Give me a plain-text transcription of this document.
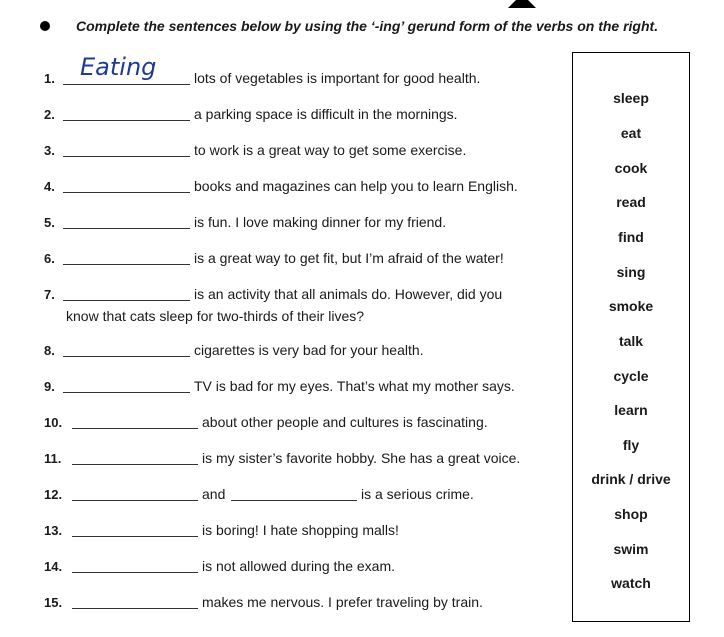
Complete the sentences below by using the ‘-ing’ gerund form of the verbs on the right.
1. Eating	lots of vegetables is important for good health.
2.	a parking space is difficult in the mornings.
3.	to work is a great way to get some exercise.
4.	books and magazines can help you to learn English.
5.	is fun. I love making dinner for my friend.
6.	is a great way to get fit, but I’m afraid of the water!
7.	is an activity that all animals do. However, did you
know that cats sleep for two-thirds of their lives?
8.	cigarettes is very bad for your health.
9.	TV is bad for my eyes. That’s what my mother says.
10.	about other people and cultures is fascinating.
11.	is my sister’s favorite hobby. She has a great voice.
12.	and	is a serious crime.
13.	is boring! I hate shopping malls!
14.	is not allowed during the exam.
15.	makes me nervous. I prefer traveling by train.
sleep
eat
cook
read
find
sing
smoke
talk
cycle
learn
fly
drink / drive
shop
swim
watch
